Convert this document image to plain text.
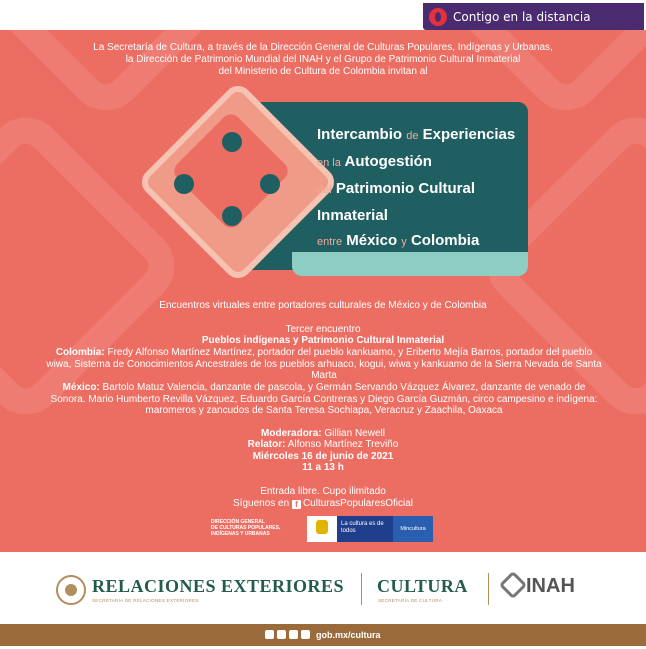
Contigo en la distancia
La Secretaría de Cultura, a través de la Dirección General de Culturas Populares, Indígenas y Urbanas,
la Dirección de Patrimonio Mundial del INAH y el Grupo de Patrimonio Cultural Inmaterial
del Ministerio de Cultura de Colombia invitan al
Intercambio de Experiencias
en la Autogestión
del Patrimonio Cultural Inmaterial
entre México y Colombia
Encuentros virtuales entre portadores culturales de México y de Colombia
Tercer encuentro
Pueblos indígenas y Patrimonio Cultural Inmaterial
Colombia: Fredy Alfonso Martínez Martínez, portador del pueblo kankuamo, y Eriberto Mejía Barros, portador del pueblo wiwa, Sistema de Conocimientos Ancestrales de los pueblos arhuaco, kogui, wiwa y kankuamo de la Sierra Nevada de Santa Marta
México: Bartolo Matuz Valencia, danzante de pascola, y Germán Servando Vázquez Álvarez, danzante de venado de Sonora. Mario Humberto Revilla Vázquez, Eduardo García Contreras y Diego García Guzmán, circo campesino e indígena: maromeros y zancudos de Santa Teresa Sochiapa, Veracruz y Zaachila, Oaxaca
Moderadora: Gillian Newell
Relator: Alfonso Martínez Treviño
Miércoles 16 de junio de 2021
11 a 13 h
Entrada libre. Cupo ilimitado
Síguenos en f CulturasPopularesOficial
DIRECCIÓN GENERAL
DE CULTURAS POPULARES,
INDÍGENAS Y URBANAS
La cultura es de todos	Mincultura
RELACIONES EXTERIORES
SECRETARÍA DE RELACIONES EXTERIORES
CULTURA
SECRETARÍA DE CULTURA
INAH
gob.mx/cultura
